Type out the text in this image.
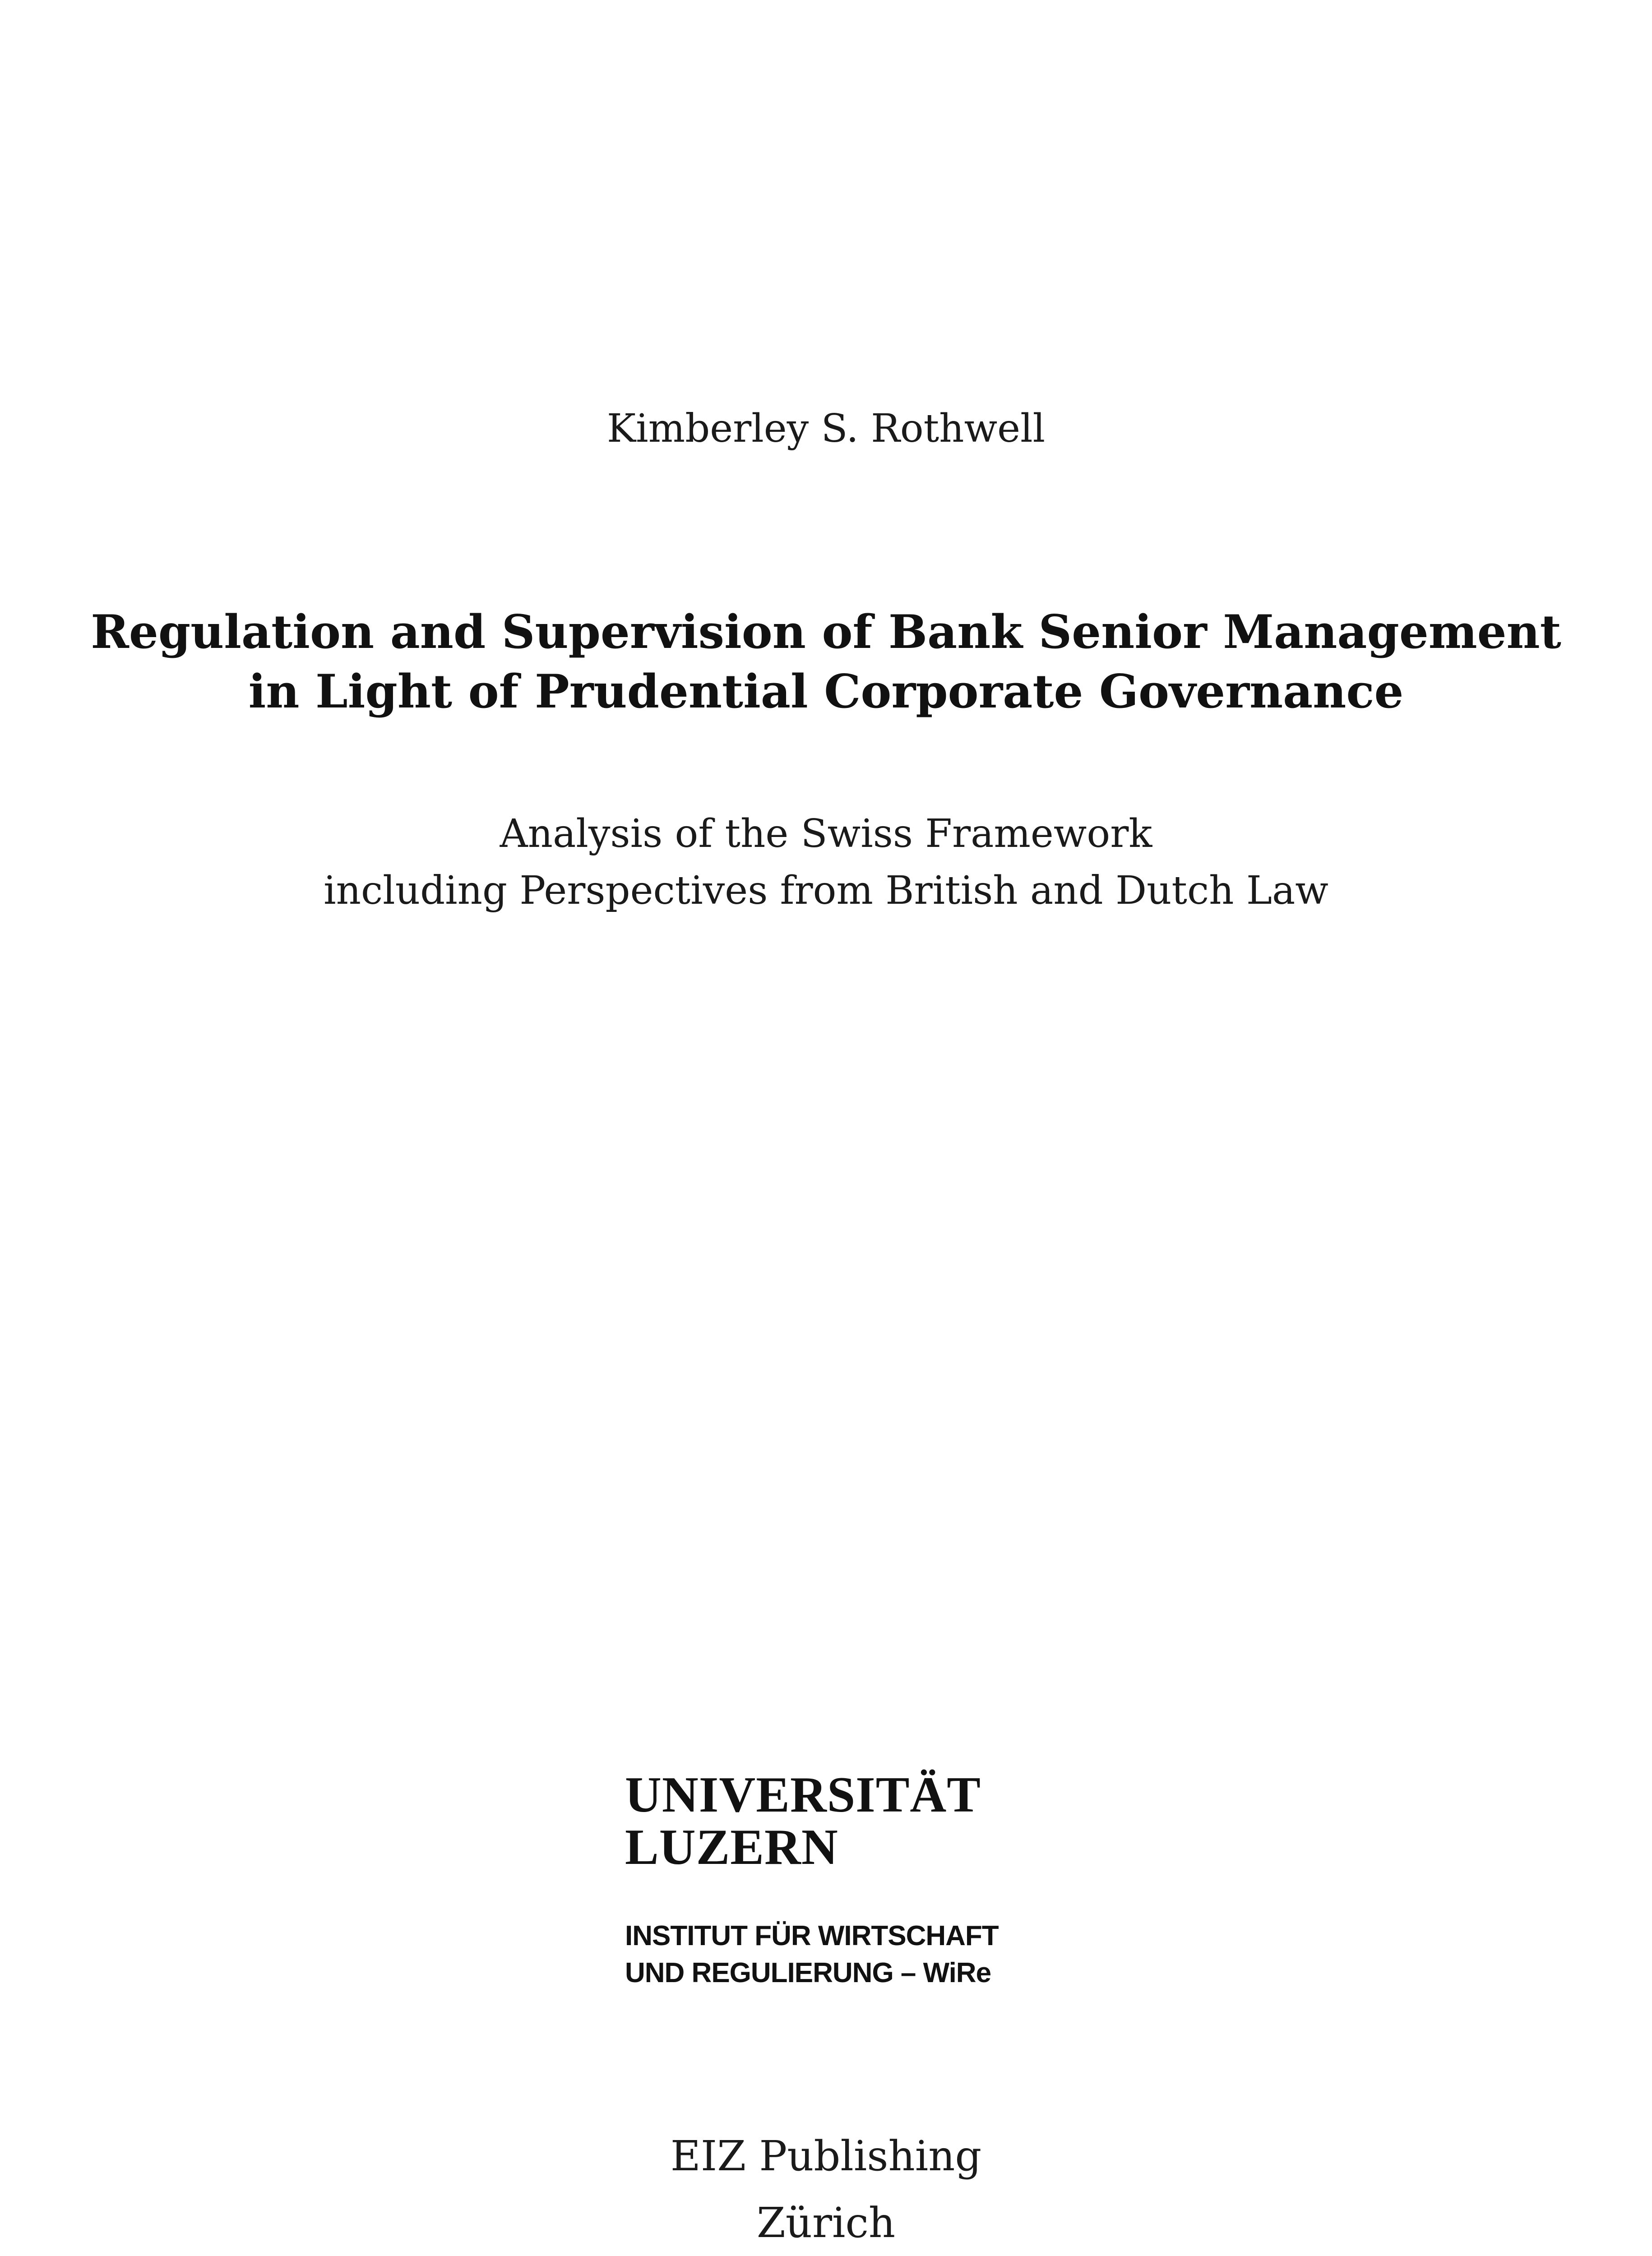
Kimberley S. Rothwell
Regulation and Supervision of Bank Senior Management
in Light of Prudential Corporate Governance
Analysis of the Swiss Framework
including Perspectives from British and Dutch Law
UNIVERSITÄT
LUZERN
INSTITUT FÜR WIRTSCHAFT
UND REGULIERUNG – WiRe
EIZ Publishing
Zürich
